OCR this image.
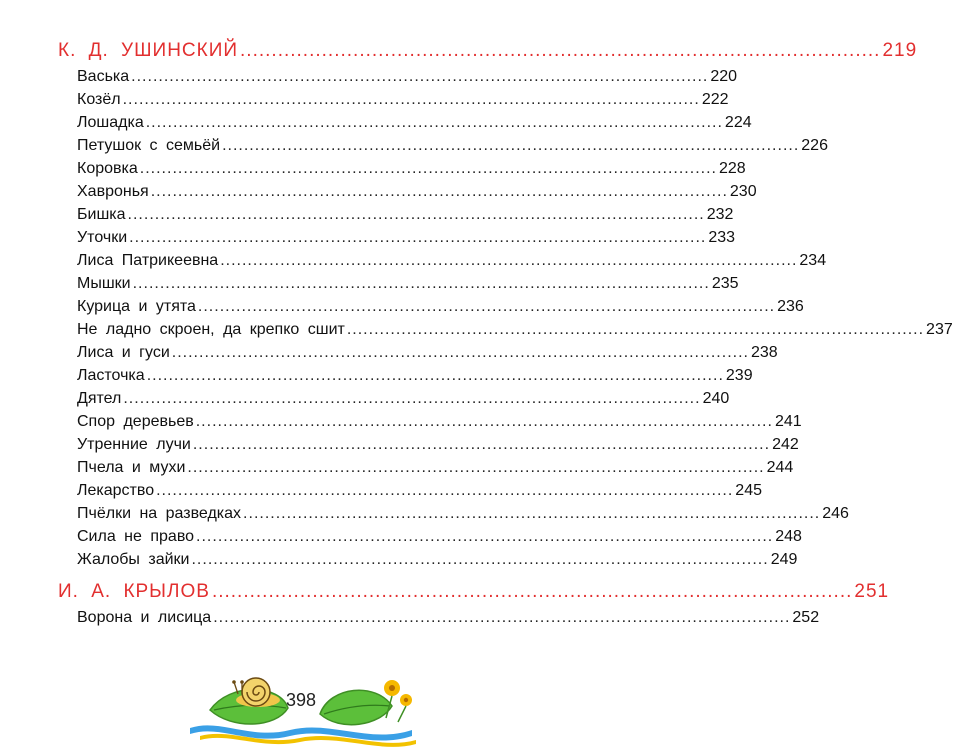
К. Д. УШИНСКИЙ ...................................................................................................... 219
Васька .......................................................................................................... 220
Козёл .......................................................................................................... 222
Лошадка .......................................................................................................... 224
Петушок с семьёй .......................................................................................................... 226
Коровка .......................................................................................................... 228
Хавронья .......................................................................................................... 230
Бишка .......................................................................................................... 232
Уточки .......................................................................................................... 233
Лиса Патрикеевна .......................................................................................................... 234
Мышки .......................................................................................................... 235
Курица и утята .......................................................................................................... 236
Не ладно скроен, да крепко сшит .......................................................................................................... 237
Лиса и гуси .......................................................................................................... 238
Ласточка .......................................................................................................... 239
Дятел .......................................................................................................... 240
Спор деревьев .......................................................................................................... 241
Утренние лучи .......................................................................................................... 242
Пчела и мухи .......................................................................................................... 244
Лекарство .......................................................................................................... 245
Пчёлки на разведках .......................................................................................................... 246
Сила не право .......................................................................................................... 248
Жалобы зайки .......................................................................................................... 249
И. А. КРЫЛОВ ...................................................................................................... 251
Ворона и лисица .......................................................................................................... 252
398
